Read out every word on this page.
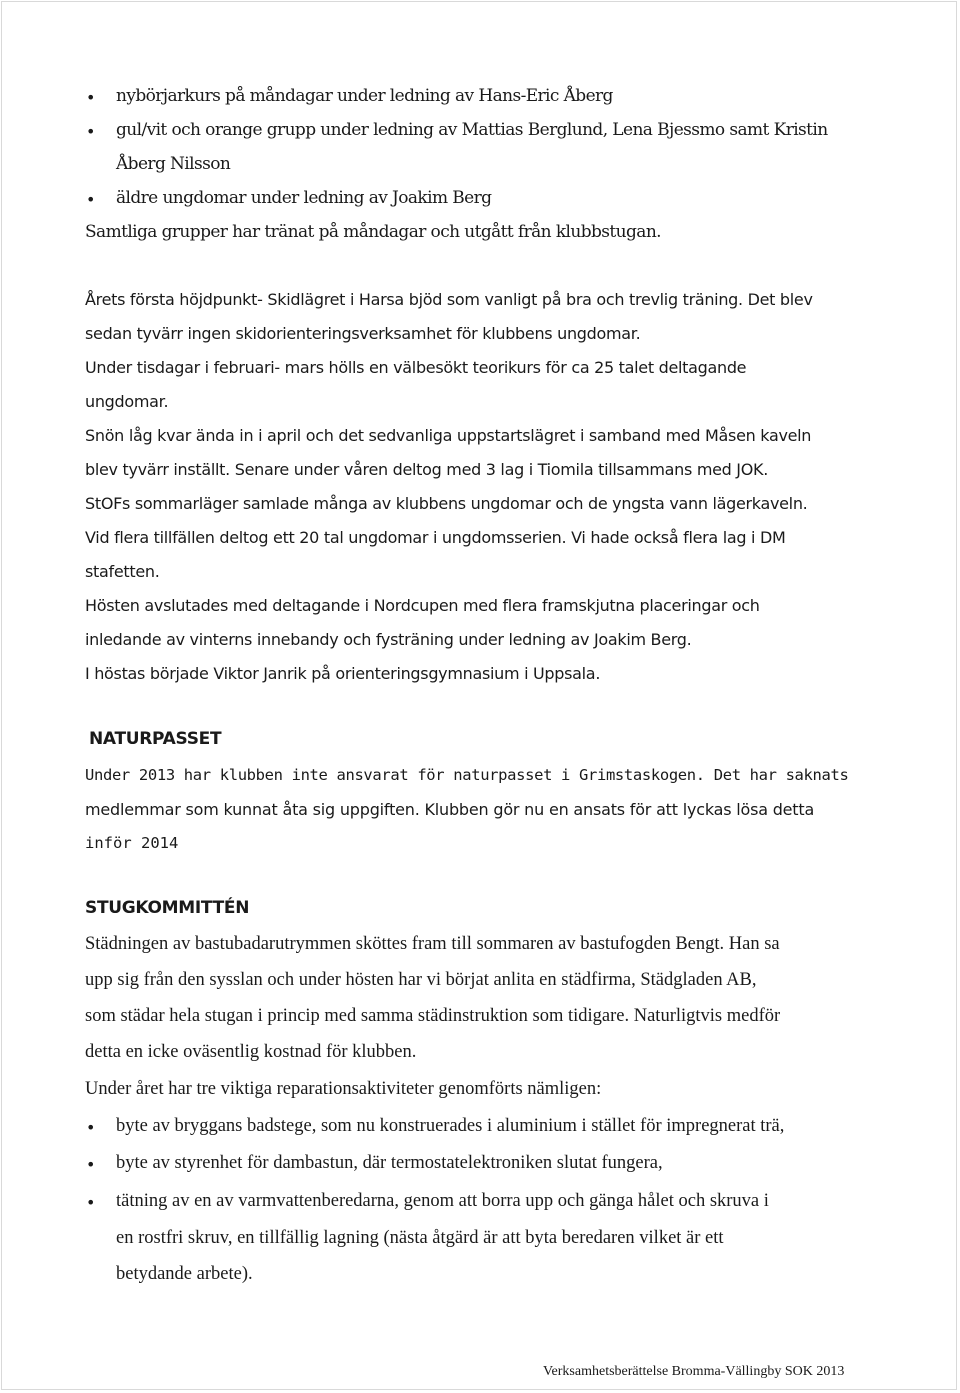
• nybörjarkurs på måndagar under ledning av Hans-Eric Åberg
• gul/vit och orange grupp under ledning av Mattias Berglund, Lena Bjessmo samt Kristin
Åberg Nilsson
• äldre ungdomar under ledning av Joakim Berg
Samtliga grupper har tränat på måndagar och utgått från klubbstugan.
Årets första höjdpunkt- Skidlägret i Harsa bjöd som vanligt på bra och trevlig träning. Det blev
sedan tyvärr ingen skidorienteringsverksamhet för klubbens ungdomar.
Under tisdagar i februari- mars hölls en välbesökt teorikurs för ca 25 talet deltagande
ungdomar.
Snön låg kvar ända in i april och det sedvanliga uppstartslägret i samband med Måsen kaveln
blev tyvärr inställt. Senare under våren deltog med 3 lag i Tiomila tillsammans med JOK.
StOFs sommarläger samlade många av klubbens ungdomar och de yngsta vann lägerkaveln.
Vid flera tillfällen deltog ett 20 tal ungdomar i ungdomsserien. Vi hade också flera lag i DM
stafetten.
Hösten avslutades med deltagande i Nordcupen med flera framskjutna placeringar och
inledande av vinterns innebandy och fysträning under ledning av Joakim Berg.
I höstas började Viktor Janrik på orienteringsgymnasium i Uppsala.
NATURPASSET
Under 2013 har klubben inte ansvarat för naturpasset i Grimstaskogen. Det har saknats
medlemmar som kunnat åta sig uppgiften. Klubben gör nu en ansats för att lyckas lösa detta
inför 2014
STUGKOMMITTÉN
Städningen av bastubadarutrymmen sköttes fram till sommaren av bastufogden Bengt. Han sa
upp sig från den sysslan och under hösten har vi börjat anlita en städfirma, Städgladen AB,
som städar hela stugan i princip med samma städinstruktion som tidigare. Naturligtvis medför
detta en icke oväsentlig kostnad för klubben.
Under året har tre viktiga reparationsaktiviteter genomförts nämligen:
• byte av bryggans badstege, som nu konstruerades i aluminium i stället för impregnerat trä,
• byte av styrenhet för dambastun, där termostatelektroniken slutat fungera,
• tätning av en av varmvattenberedarna, genom att borra upp och gänga hålet och skruva i
en rostfri skruv, en tillfällig lagning (nästa åtgärd är att byta beredaren vilket är ett
betydande arbete).
Verksamhetsberättelse Bromma-Vällingby SOK 2013
